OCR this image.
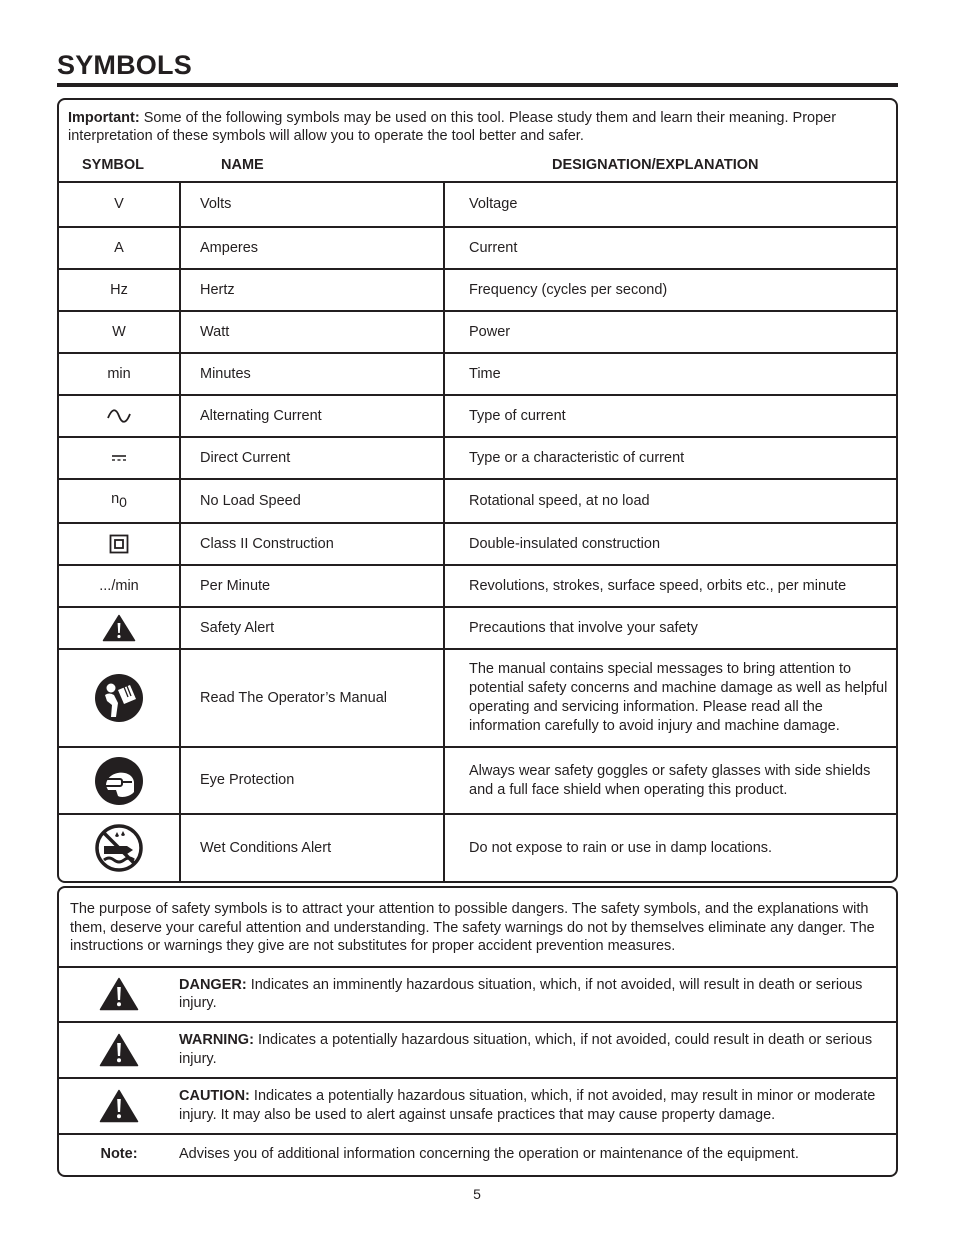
SYMBOLS
Important: Some of the following symbols may be used on this tool. Please study them and learn their meaning. Proper interpretation of these symbols will allow you to operate the tool better and safer.
SYMBOL	NAME	DESIGNATION/EXPLANATION
V	Volts	Voltage
A	Amperes	Current
Hz	Hertz	Frequency (cycles per second)
W	Watt	Power
min	Minutes	Time

	Alternating Current	Type of current

	Direct Current	Type or a characteristic of current
$n_0$	No Load Speed	Rotational speed, at no load

	Class II Construction	Double-insulated construction
.../min	Per Minute	Revolutions, strokes, surface speed, orbits etc., per minute

	Safety Alert	Precautions that involve your safety

	Read The Operator’s Manual	The manual contains special messages to bring attention to potential safety concerns and machine damage as well as helpful operating and servicing information. Please read all the information carefully to avoid injury and machine damage.

	Eye Protection	Always wear safety goggles or safety glasses with side shields and a full face shield when operating this product.

	Wet Conditions Alert	Do not expose to rain or use in damp locations.
The purpose of safety symbols is to attract your attention to possible dangers. The safety symbols, and the explanations with them, deserve your careful attention and understanding. The safety warnings do not by themselves eliminate any danger. The instructions or warnings they give are not substitutes for proper accident prevention measures.
	DANGER: Indicates an imminently hazardous situation, which, if not avoided, will result in death or serious injury.

	WARNING: Indicates a potentially hazardous situation, which, if not avoided, could result in death or serious injury.

	CAUTION: Indicates a potentially hazardous situation, which, if not avoided, may result in minor or moderate injury. It may also be used to alert against unsafe practices that may cause property damage.
Note:	Advises you of additional information concerning the operation or maintenance of the equipment.
5
